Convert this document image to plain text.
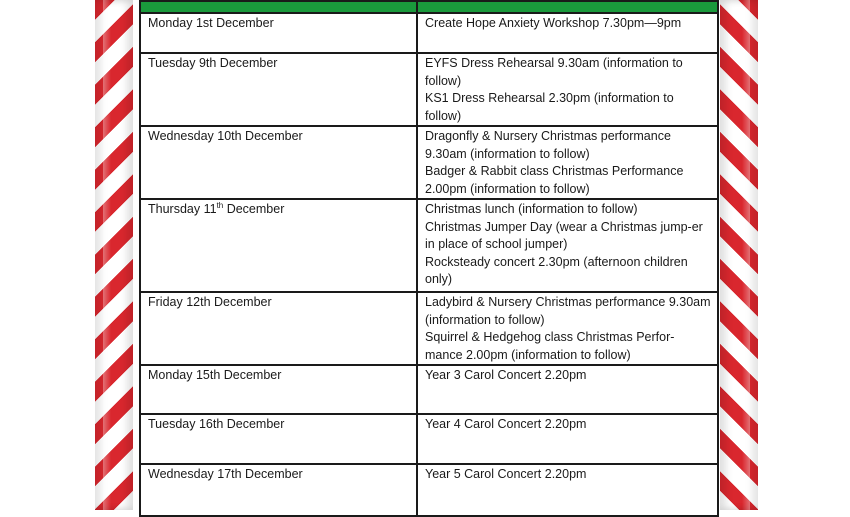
Monday 1st December	Create Hope Anxiety Workshop 7.30pm—9pm

Tuesday 9th December	EYFS Dress Rehearsal 9.30am (information to follow)
KS1 Dress Rehearsal 2.30pm (information to follow)

Wednesday 10th December	Dragonfly & Nursery Christmas performance 9.30am (information to follow)
Badger & Rabbit class Christmas Performance 2.00pm (information to follow)

Thursday 11th December	Christmas lunch (information to follow)
Christmas Jumper Day (wear a Christmas jump-er in place of school jumper)
Rocksteady concert 2.30pm (afternoon children only)

Friday 12th December	Ladybird & Nursery Christmas performance 9.30am (information to follow)
Squirrel & Hedgehog class Christmas Perfor-mance 2.00pm (information to follow)

Monday 15th December	Year 3 Carol Concert 2.20pm

Tuesday 16th December	Year 4 Carol Concert 2.20pm

Wednesday 17th December	Year 5 Carol Concert 2.20pm
